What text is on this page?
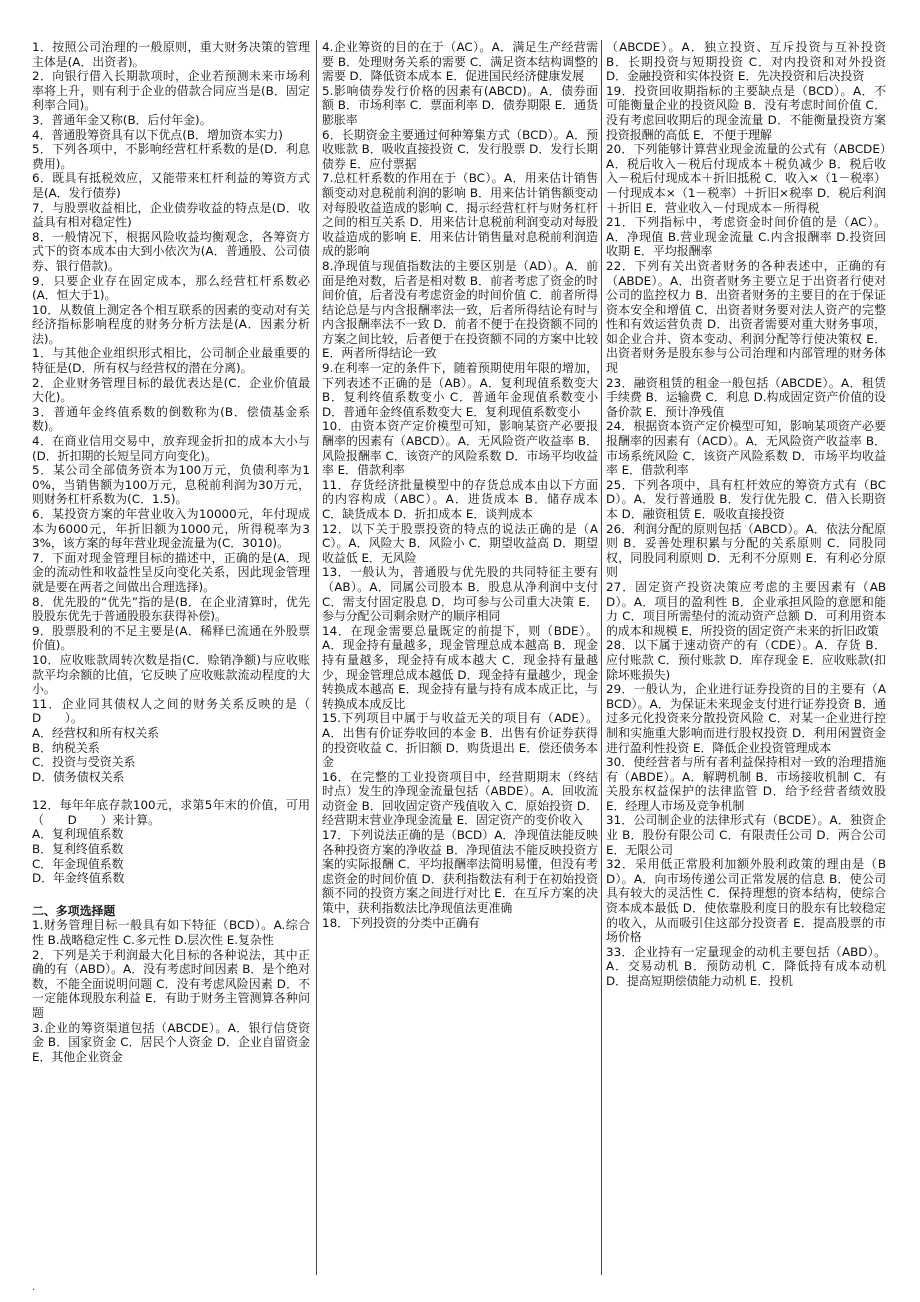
1．按照公司治理的一般原则，重大财务决策的管理主体是(A．出资者)。
2．向银行借入长期款项时，企业若预测未来市场利率将上升，则有利于企业的借款合同应当是(B．固定利率合同)。
3．普通年金又称(B．后付年金)。
4．普通股筹资具有以下优点(B．增加资本实力)
5．下列各项中，不影响经营杠杆系数的是(D．利息费用)。
6．既具有抵税效应，又能带来杠杆利益的筹资方式是(A．发行债券)
7．与股票收益相比，企业债券收益的特点是(D．收益具有相对稳定性)
8．一般情况下，根据风险收益均衡观念，各筹资方式下的资本成本由大到小依次为(A．普通股、公司债券、银行借款)。
9．只要企业存在固定成本，那么经营杠杆系数必(A．恒大于1)。
10．从数值上测定各个相互联系的因素的变动对有关经济指标影响程度的财务分析方法是(A．因素分析法)。
1．与其他企业组织形式相比，公司制企业最重要的特征是(D．所有权与经营权的潜在分离)。
2．企业财务管理目标的最优表达是(C．企业价值最大化)。
3．普通年金终值系数的倒数称为(B．偿债基金系数)。
4．在商业信用交易中，放弃现金折扣的成本大小与(D．折扣期的长短呈同方向变化)。
5．某公司全部债务资本为100万元，负债利率为10%，当销售额为100万元，息税前利润为30万元，则财务杠杆系数为(C．1.5)。
6．某投资方案的年营业收入为10000元，年付现成本为6000元，年折旧额为1000元，所得税率为33%，该方案的每年营业现金流量为(C．3010)。
7．下面对现金管理目标的描述中，正确的是(A．现金的流动性和收益性呈反向变化关系，因此现金管理就是要在两者之间做出合理选择)。
8．优先股的“优先”指的是(B．在企业清算时，优先股股东优先于普通股股东获得补偿)。
9．股票股利的不足主要是(A．稀释已流通在外股票价值)。
10．应收账款周转次数是指(C．赊销净额)与应收账款平均余额的比值，它反映了应收账款流动程度的大小。
11．企业同其债权人之间的财务关系反映的是（　　D　　）。
A．经营权和所有权关系
B．纳税关系
C．投资与受资关系
D．债务债权关系
12．每年年底存款100元，求第5年末的价值，可用（　　D　　）来计算。
A．复利现值系数
B．复利终值系数
C．年金现值系数
D．年金终值系数
二、多项选择题
1.财务管理目标一般具有如下特征（BCD）。A.综合性 B.战略稳定性 C.多元性 D.层次性 E.复杂性
2．下列是关于利润最大化目标的各种说法，其中正确的有（ABD）。A．没有考虑时间因素 B．是个绝对数，不能全面说明问题 C．没有考虑风险因素 D．不一定能体现股东利益 E．有助于财务主管测算各种问题
3.企业的筹资渠道包括（ABCDE）。A．银行信贷资金 B．国家资金 C．居民个人资金 D．企业自留资金 E．其他企业资金
4.企业筹资的目的在于（AC）。A．满足生产经营需要 B．处理财务关系的需要 C．满足资本结构调整的需要 D．降低资本成本 E．促进国民经济健康发展
5.影响债券发行价格的因素有(ABCD)。A．债券面额 B．市场利率 C．票面利率 D．债券期限 E．通货膨胀率
6．长期资金主要通过何种筹集方式（BCD）。A．预收账款 B．吸收直接投资 C．发行股票 D．发行长期债券 E．应付票据
7.总杠杆系数的作用在于（BC）。A．用来估计销售额变动对息税前利润的影响 B．用来估计销售额变动对每股收益造成的影响 C．揭示经营杠杆与财务杠杆之间的相互关系 D．用来估计息税前利润变动对每股收益造成的影响 E．用来估计销售量对息税前利润造成的影响
8.净现值与现值指数法的主要区别是（AD）。A．前面是绝对数，后者是相对数 B．前者考虑了资金的时间价值，后者没有考虑资金的时间价值 C．前者所得结论总是与内含报酬率法一致，后者所得结论有时与内含报酬率法不一致 D．前者不便于在投资额不同的方案之间比较，后者便于在投资额不同的方案中比较 E．两者所得结论一致
9.在利率一定的条件下，随着预期使用年限的增加，下列表述不正确的是（AB）。A．复利现值系数变大 B．复利终值系数变小 C．普通年金现值系数变小 D．普通年金终值系数变大 E．复利现值系数变小
10．由资本资产定价模型可知，影响某资产必要报酬率的因素有（ABCD）。A．无风险资产收益率 B．风险报酬率 C．该资产的风险系数 D．市场平均收益率 E．借款利率
11．存货经济批量模型中的存货总成本由以下方面的内容构成（ABC）。A．进货成本 B．储存成本 C．缺货成本 D．折扣成本 E．谈判成本
12．以下关于股票投资的特点的说法正确的是（AC）。A．风险大 B．风险小 C．期望收益高 D．期望收益低 E．无风险
13．一般认为，普通股与优先股的共同特征主要有（AB）。A．同属公司股本 B．股息从净利润中支付 C．需支付固定股息 D．均可参与公司重大决策 E．参与分配公司剩余财产的顺序相同
14．在现金需要总量既定的前提下，则（BDE）。A．现金持有量越多，现金管理总成本越高 B．现金持有量越多，现金持有成本越大 C．现金持有量越少，现金管理总成本越低 D．现金持有量越少，现金转换成本越高 E．现金持有量与持有成本成正比，与转换成本成反比
15.下列项目中属于与收益无关的项目有（ADE）。A．出售有价证券收回的本金 B．出售有价证券获得的投资收益 C．折旧额 D．购货退出 E．偿还债务本金
16．在完整的工业投资项目中，经营期期末（终结时点）发生的净现金流量包括（ABDE）。A．回收流动资金 B．回收固定资产残值收入 C．原始投资 D．经营期末营业净现金流量 E．固定资产的变价收入
17．下列说法正确的是（BCD）A．净现值法能反映各种投资方案的净收益 B．净现值法不能反映投资方案的实际报酬 C．平均报酬率法简明易懂，但没有考虑资金的时间价值 D．获利指数法有利于在初始投资额不同的投资方案之间进行对比 E．在互斥方案的决策中，获利指数法比净现值法更准确
18．下列投资的分类中正确有
（ABCDE）。A．独立投资、互斥投资与互补投资 B．长期投资与短期投资 C．对内投资和对外投资 D．金融投资和实体投资 E．先决投资和后决投资
19．投资回收期指标的主要缺点是（BCD）。A．不可能衡量企业的投资风险 B．没有考虑时间价值 C．没有考虑回收期后的现金流量 D．不能衡量投资方案投资报酬的高低 E．不便于理解
20．下列能够计算营业现金流量的公式有（ABCDE）A．税后收入－税后付现成本＋税负减少 B．税后收入－税后付现成本＋折旧抵税 C．收入×（1－税率）－付现成本×（1－税率）＋折旧×税率 D．税后利润＋折旧 E．营业收入－付现成本－所得税
21．下列指标中，考虑资金时间价值的是（AC）。A．净现值 B.营业现金流量 C.内含报酬率 D.投资回收期 E．平均报酬率
22．下列有关出资者财务的各种表述中，正确的有（ABDE）。A．出资者财务主要立足于出资者行使对公司的监控权力 B．出资者财务的主要目的在于保证资本安全和增值 C．出资者财务要对法人资产的完整性和有效运营负责 D．出资者需要对重大财务事项，如企业合并、资本变动、利润分配等行使决策权 E．出资者财务是股东参与公司治理和内部管理的财务体现
23．融资租赁的租金一般包括（ABCDE）。A．租赁手续费 B．运输费 C．利息 D.构成固定资产价值的设备价款 E．预计净残值
24．根据资本资产定价模型可知，影响某项资产必要报酬率的因素有（ACD）。A．无风险资产收益率 B．市场系统风险 C．该资产风险系数 D．市场平均收益率 E．借款利率
25．下列各项中，具有杠杆效应的筹资方式有（BCD）。A．发行普通股 B．发行优先股 C．借入长期资本 D．融资租赁 E．吸收直接投资
26．利润分配的原则包括（ABCD）。A．依法分配原则 B．妥善处理积累与分配的关系原则 C．同股同权，同股同利原则 D．无利不分原则 E．有利必分原则
27．固定资产投资决策应考虑的主要因素有（ABD）。A．项目的盈利性 B．企业承担风险的意愿和能力 C．项目所需垫付的流动资产总额 D．可利用资本的成本和规模 E．所投资的固定资产未来的折旧政策
28．以下属于速动资产的有（CDE）。A．存货 B．应付账款 C．预付账款 D．库存现金 E．应收账款(扣除坏账损失)
29．一般认为，企业进行证券投资的目的主要有（ABCD）。A．为保证未来现金支付进行证券投资 B．通过多元化投资来分散投资风险 C．对某一企业进行控制和实施重大影响而进行股权投资 D．利用闲置资金进行盈利性投资 E．降低企业投资管理成本
30．使经营者与所有者利益保持相对一致的治理措施有（ABDE）。A．解聘机制 B．市场接收机制 C．有关股东权益保护的法律监管 D．给予经营者绩效股 E．经理人市场及竞争机制
31．公司制企业的法律形式有（BCDE）。A．独资企业 B．股份有限公司 C．有限责任公司 D．两合公司 E．无限公司
32．采用低正常股利加额外股利政策的理由是（BD）。A．向市场传递公司正常发展的信息 B．使公司具有较大的灵活性 C．保持理想的资本结构，使综合资本成本最低 D．使依靠股利度日的股东有比较稳定的收入，从而吸引住这部分投资者 E．提高股票的市场价格
33．企业持有一定量现金的动机主要包括（ABD）。A．交易动机 B．预防动机 C．降低持有成本动机 D．提高短期偿债能力动机 E．投机
.
